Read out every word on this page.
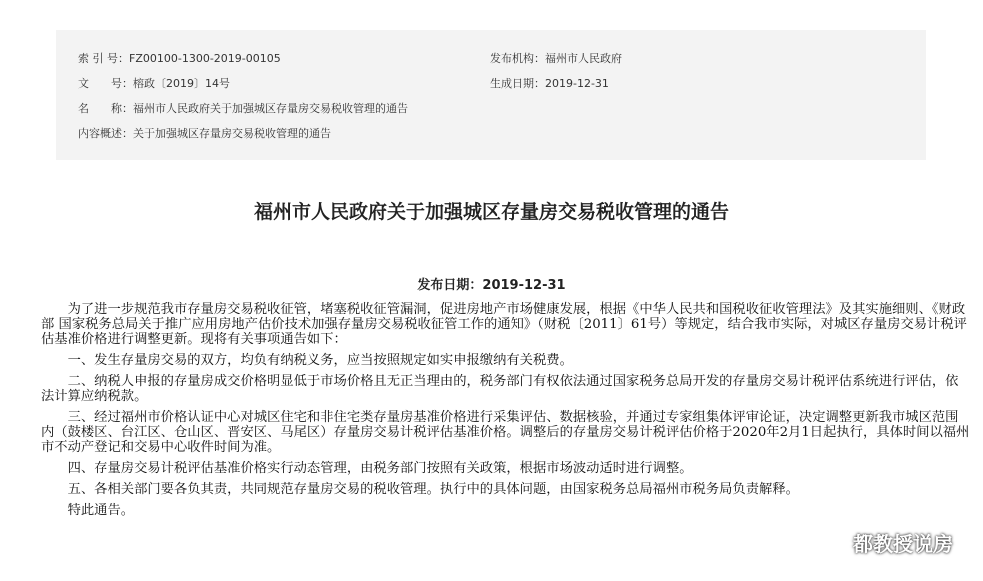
索 引 号：FZ00100-1300-2019-00105	发布机构：福州市人民政府
文　　号：榕政〔2019〕14号	生成日期：2019-12-31
名　　称：福州市人民政府关于加强城区存量房交易税收管理的通告
内容概述：关于加强城区存量房交易税收管理的通告
福州市人民政府关于加强城区存量房交易税收管理的通告
发布日期：2019-12-31

　　为了进一步规范我市存量房交易税收征管，堵塞税收征管漏洞，促进房地产市场健康发展，根据《中华人民共和国税收征收管理法》及其实施细则、《财政部 国家税务总局关于推广应用房地产估价技术加强存量房交易税收征管工作的通知》（财税〔2011〕61号）等规定，结合我市实际，对城区存量房交易计税评估基准价格进行调整更新。现将有关事项通告如下：

　　一、发生存量房交易的双方，均负有纳税义务，应当按照规定如实申报缴纳有关税费。

　　二、纳税人申报的存量房成交价格明显低于市场价格且无正当理由的，税务部门有权依法通过国家税务总局开发的存量房交易计税评估系统进行评估，依法计算应纳税款。

　　三、经过福州市价格认证中心对城区住宅和非住宅类存量房基准价格进行采集评估、数据核验，并通过专家组集体评审论证，决定调整更新我市城区范围内（鼓楼区、台江区、仓山区、晋安区、马尾区）存量房交易计税评估基准价格。调整后的存量房交易计税评估价格于2020年2月1日起执行，具体时间以福州市不动产登记和交易中心收件时间为准。

　　四、存量房交易计税评估基准价格实行动态管理，由税务部门按照有关政策，根据市场波动适时进行调整。

　　五、各相关部门要各负其责，共同规范存量房交易的税收管理。执行中的具体问题，由国家税务总局福州市税务局负责解释。

　　特此通告。

都教授说房
